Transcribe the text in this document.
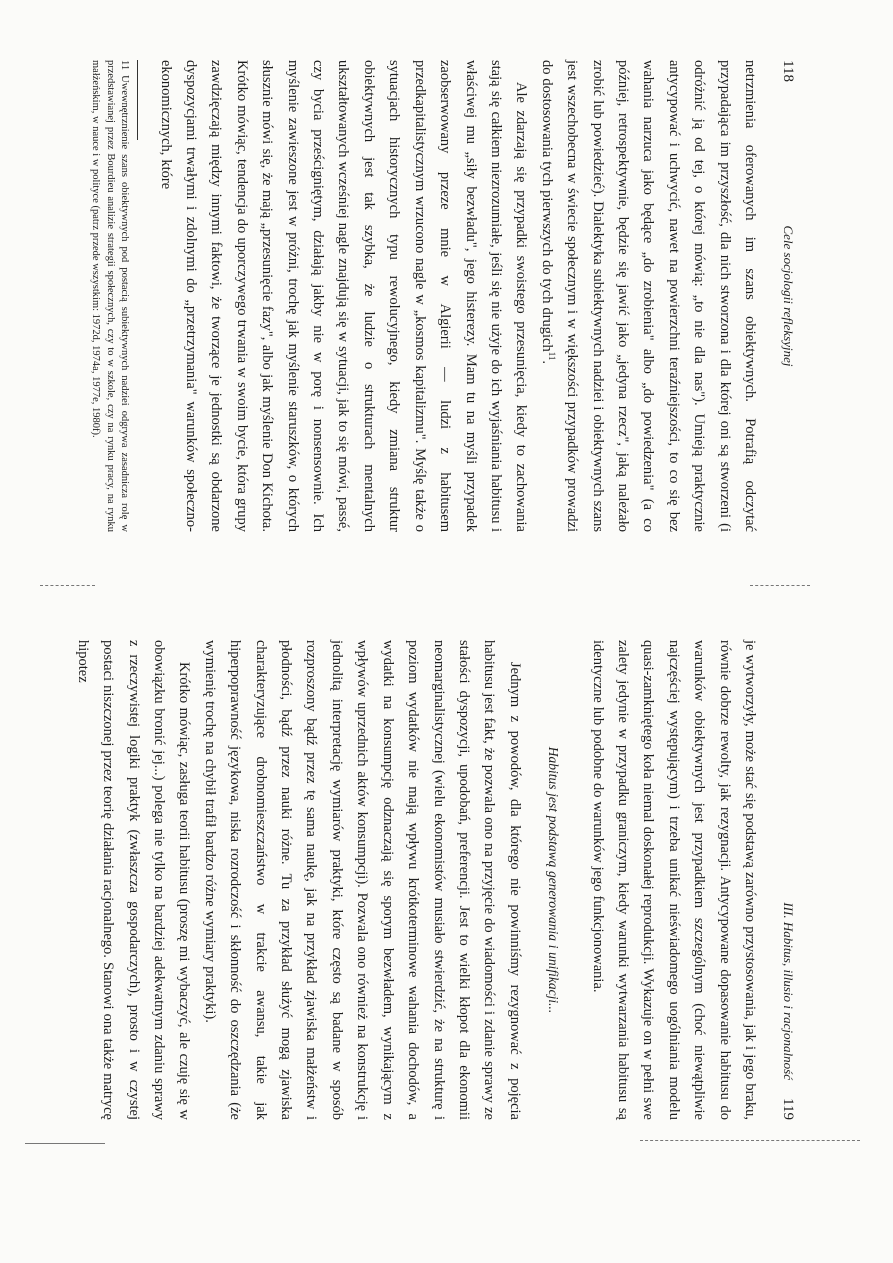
118
Cele socjologii refleksyjnej

netrzmienia oferowanych im szans obiektywnych. Potrafią odczytać przypadająca im przyszłość, dla nich stworzona i dla której oni są stworzeni (i odróżnić ją od tej, o której mówią: „to nie dla nas"). Umieją praktycznie antycypować i uchwycić, nawet na powierzchni teraźniejszości, to co się bez wahania narzuca jako będące „do zrobienia" albo „do powiedzenia" (a co później, retrospektywnie, będzie się jawić jako „jedyna rzecz", jaką należało zrobić lub powiedzieć). Dialektyka subiektywnych nadziei i obiektywnych szans jest wszechobecna w świecie społecznym i w większości przypadków prowadzi do dostosowania tych pierwszych do tych drugich$^{11}$.

Ale zdarzają się przypadki swoistego przesunięcia, kiedy to zachowania stają się całkiem niezrozumiałe, jeśli się nie użyje do ich wyjaśniania habitusu i właściwej mu „siły bezwładu", jego histerezy. Mam tu na myśli przypadek zaobserwowany przeze mnie w Algierii — ludzi z habitusem przedkapitalistycznym wrzucono nagle w „kosmos kapitalizmu". Myślę także o sytuacjach historycznych typu rewolucyjnego, kiedy zmiana struktur obiektywnych jest tak szybka, że ludzie o strukturach mentalnych ukształtowanych wcześniej nagle znajdują się w sytuacji, jak to się mówi, passé, czy bycia prześcigniętym, działają jakby nie w porę i nonsensownie. Ich myślenie zawieszone jest w próżni, trochę jak myślenie staruszków, o których słusznie mówi się, że mają „przesunięcie fazy", albo jak myślenie Don Kichota. Krótko mówiąc, tendencja do uporczywego trwania w swoim bycie, która grupy zawdzięczają między innymi faktowi, że tworzące je jednostki są obdarzone dyspozycjami trwałymi i zdolnymi do „przetrzymania" warunków społeczno-ekonomicznych, które

11 Uwewnętrznienie szans obiektywnych pod postacią subiektywnych nadziei odgrywa zasadnicza rolę w przedstawianej przez Bourdieu analizie strategii społecznych, czy to w szkole, czy na rynku pracy, na rynku małżeńskim, w nauce i w polityce (patrz przede wszystkim: 1972d, 1974a, 1977e, 1980f).
III. Habitus, illusio i racjonalność
119

je wytworzyły, może stać się podstawą zarówno przystosowania, jak i jego braku, równie dobrze rewolty, jak rezygnacji. Antycypowane dopasowanie habitusu do warunków obiektywnych jest przypadkiem szczególnym (choć niewątpliwie najczęściej występującym) i trzeba unikać nieświadomego uogólniania modelu quasi-zamkniętego koła niemal doskonałej reprodukcji. Wykazuje on w pełni swe zalety jedynie w przypadku graniczym, kiedy warunki wytwarzania habitusu są identyczne lub podobne do warunków jego funkcjonowania.

Habitus jest podstawą generowania i unifikacji...

Jednym z powodów, dla którego nie powinniśmy rezygnować z pojęcia habitusu jest fakt, że pozwala ono na przyjęcie do wiadomości i zdanie sprawy ze stałości dyspozycji, upodobań, preferencji. Jest to wielki kłopot dla ekonomii neomarginalistycznej (wielu ekonomistów musiało stwierdzić, że na strukturę i poziom wydatków nie mają wpływu krótkoterminowe wahania dochodów, a wydatki na konsumpcję odznaczają się sporym bezwładem, wynikającym z wpływów uprzednich aktów konsumpcji). Pozwala ono również na konstrukcję i jednolitą interpretację wymiarów praktyki, które często są badane w sposób rozproszony bądź przez tę sama naukę, jak na przykład zjawiska małżeństw i płodności, bądź przez nauki różne. Tu za przykład służyć mogą zjawiska charakteryzujące drobnomieszczaństwo w trakcie awansu, takie jak hiperpoprawność językowa, niska rozrodczość i skłonność do oszczędzania (że wymienię trochę na chybił trafił bardzo różne wymiary praktyki).

Krótko mówiąc, zasługa teorii habitusu (proszę mi wybaczyć, ale czuję się w obowiązku bronić jej...) polega nie tylko na bardziej adekwatnym zdaniu sprawy z rzeczywistej logiki praktyk (zwłaszcza gospodarczych), prosto i w czystej postaci niszczonej przez teorię działania racjonalnego. Stanowi ona także matrycę hipotez
